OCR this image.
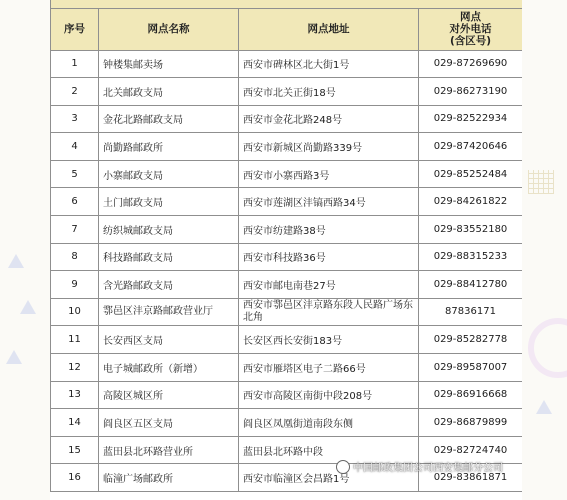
序号	网点名称	网点地址	网点
对外电话
(含区号)

1	钟楼集邮卖场	西安市碑林区北大街1号	029-87269690
2	北关邮政支局	西安市北关正街18号	029-86273190
3	金花北路邮政支局	西安市金花北路248号	029-82522934
4	尚勤路邮政所	西安市新城区尚勤路339号	029-87420646
5	小寨邮政支局	西安市小寨西路3号	029-85252484
6	土门邮政支局	西安市莲湖区沣镐西路34号	029-84261822
7	纺织城邮政支局	西安市纺建路38号	029-83552180
8	科技路邮政支局	西安市科技路36号	029-88315233
9	含光路邮政支局	西安市邮电南巷27号	029-88412780
10	鄠邑区沣京路邮政营业厅	西安市鄠邑区沣京路东段人民路广场东北角	87836171
11	长安西区支局	长安区西长安街183号	029-85282778
12	电子城邮政所（新增）	西安市雁塔区电子二路66号	029-89587007
13	高陵区城区所	西安市高陵区南街中段208号	029-86916668
14	阎良区五区支局	阎良区凤凰街道南段东侧	029-86879899
15	蓝田县北环路营业所	蓝田县北环路中段	029-82724740
16	临潼广场邮政所	西安市临潼区会昌路1号	029-83861871
中国邮政集团公司西安集邮分公司
